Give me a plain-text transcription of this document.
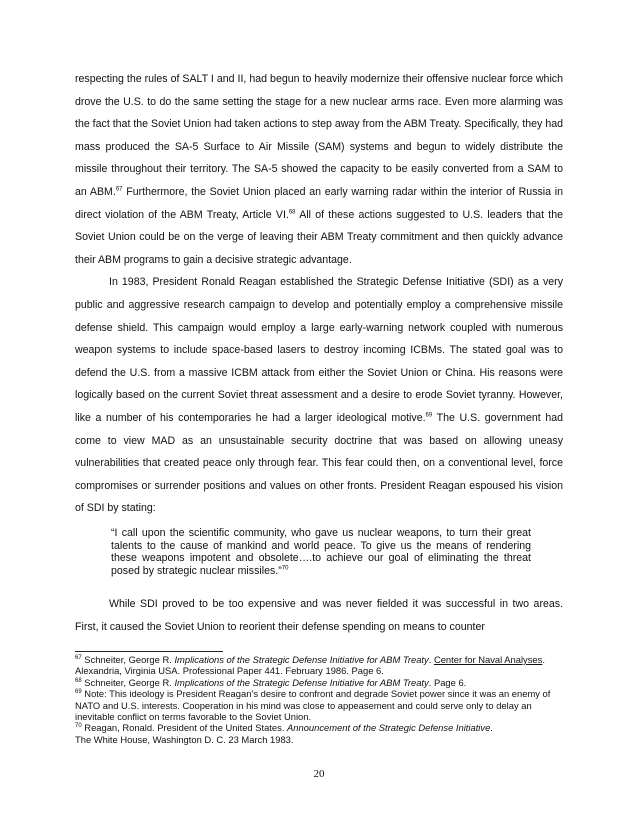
respecting the rules of SALT I and II, had begun to heavily modernize their offensive nuclear force which drove the U.S. to do the same setting the stage for a new nuclear arms race. Even more alarming was the fact that the Soviet Union had taken actions to step away from the ABM Treaty. Specifically, they had mass produced the SA-5 Surface to Air Missile (SAM) systems and begun to widely distribute the missile throughout their territory. The SA-5 showed the capacity to be easily converted from a SAM to an ABM.$^{67}$ Furthermore, the Soviet Union placed an early warning radar within the interior of Russia in direct violation of the ABM Treaty, Article VI.$^{68}$ All of these actions suggested to U.S. leaders that the Soviet Union could be on the verge of leaving their ABM Treaty commitment and then quickly advance their ABM programs to gain a decisive strategic advantage.

In 1983, President Ronald Reagan established the Strategic Defense Initiative (SDI) as a very public and aggressive research campaign to develop and potentially employ a comprehensive missile defense shield. This campaign would employ a large early-warning network coupled with numerous weapon systems to include space-based lasers to destroy incoming ICBMs. The stated goal was to defend the U.S. from a massive ICBM attack from either the Soviet Union or China. His reasons were logically based on the current Soviet threat assessment and a desire to erode Soviet tyranny. However, like a number of his contemporaries he had a larger ideological motive.$^{69}$ The U.S. government had come to view MAD as an unsustainable security doctrine that was based on allowing uneasy vulnerabilities that created peace only through fear. This fear could then, on a conventional level, force compromises or surrender positions and values on other fronts. President Reagan espoused his vision of SDI by stating:

“I call upon the scientific community, who gave us nuclear weapons, to turn their great talents to the cause of mankind and world peace. To give us the means of rendering these weapons impotent and obsolete….to achieve our goal of eliminating the threat posed by strategic nuclear missiles.”$^{70}$

While SDI proved to be too expensive and was never fielded it was successful in two areas. First, it caused the Soviet Union to reorient their defense spending on means to counter

$^{67}$ Schneiter, George R. Implications of the Strategic Defense Initiative for ABM Treaty. Center for Naval Analyses. Alexandria, Virginia USA. Professional Paper 441. February 1986. Page 6.

$^{68}$ Schneiter, George R. Implications of the Strategic Defense Initiative for ABM Treaty. Page 6.

$^{69}$ Note: This ideology is President Reagan’s desire to confront and degrade Soviet power since it was an enemy of NATO and U.S. interests. Cooperation in his mind was close to appeasement and could serve only to delay an inevitable conflict on terms favorable to the Soviet Union.

$^{70}$ Reagan, Ronald. President of the United States. Announcement of the Strategic Defense Initiative.
The White House, Washington D. C. 23 March 1983.

20
